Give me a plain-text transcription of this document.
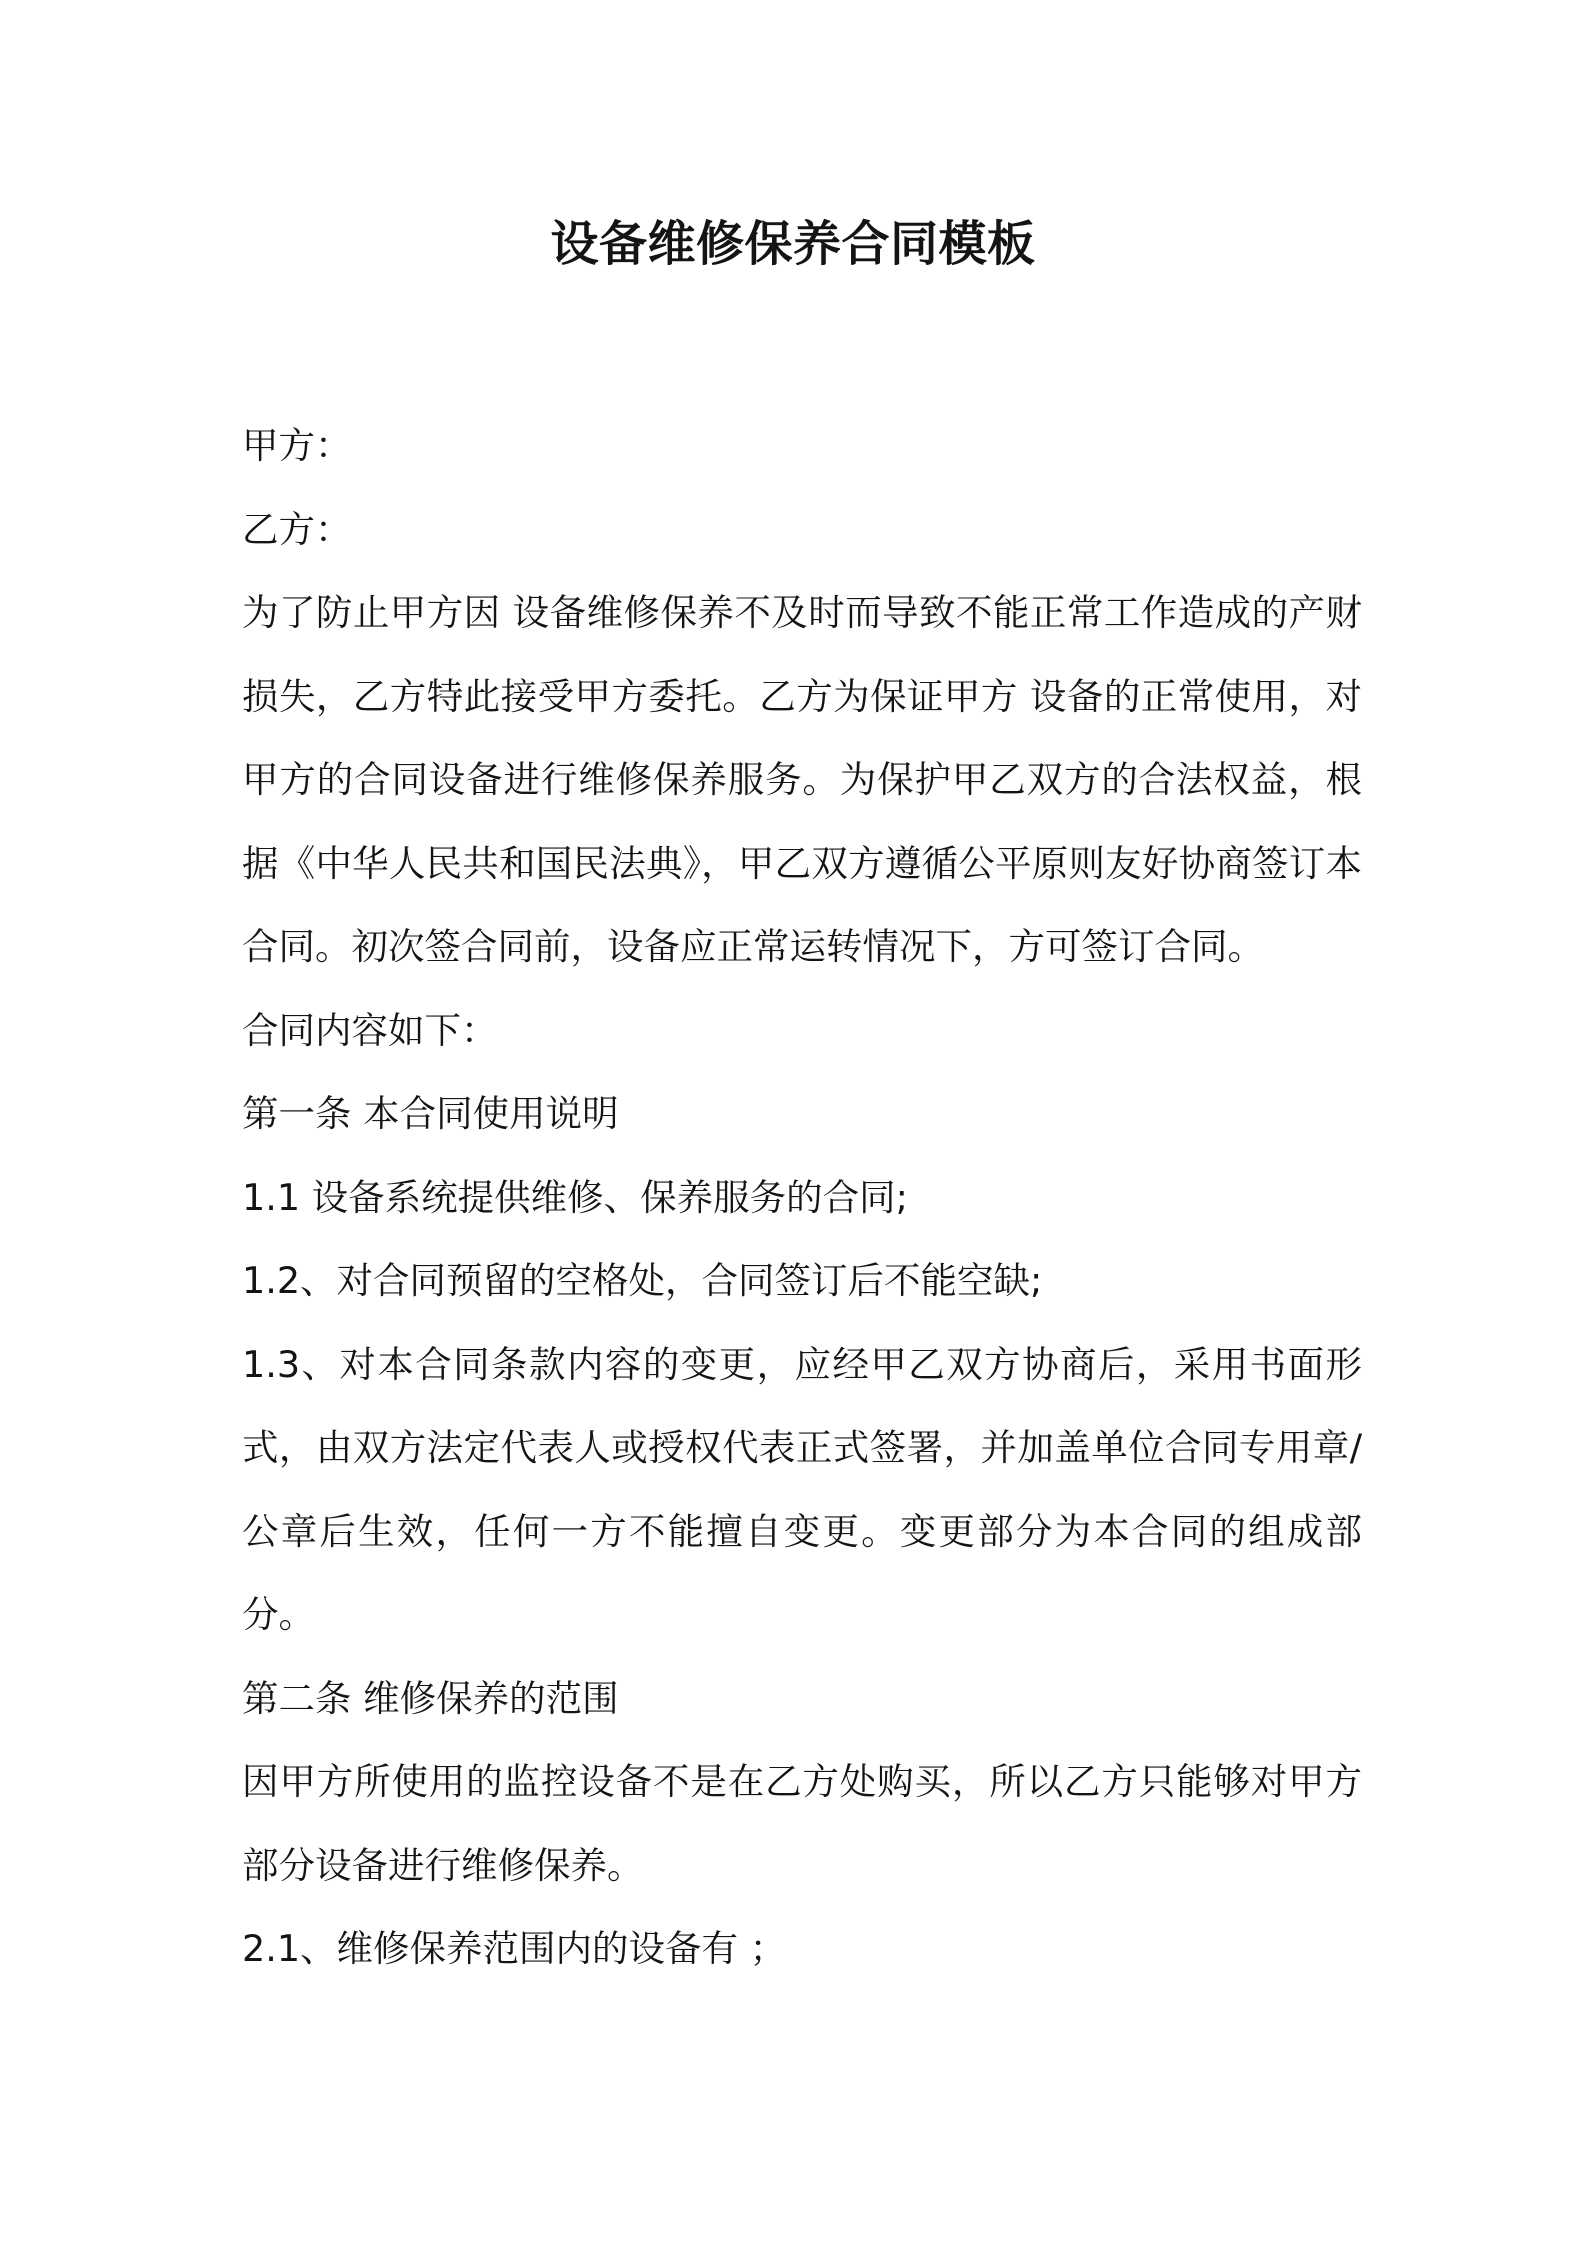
设备维修保养合同模板

甲方：

乙方：

为了防止甲方因 设备维修保养不及时而导致不能正常工作造成的产财损失，乙方特此接受甲方委托。乙方为保证甲方 设备的正常使用，对甲方的合同设备进行维修保养服务。为保护甲乙双方的合法权益，根据《中华人民共和国民法典》，甲乙双方遵循公平原则友好协商签订本合同。初次签合同前，设备应正常运转情况下，方可签订合同。

合同内容如下：

第一条 本合同使用说明

1.1 设备系统提供维修、保养服务的合同;

1.2、对合同预留的空格处，合同签订后不能空缺;

1.3、对本合同条款内容的变更，应经甲乙双方协商后，采用书面形式，由双方法定代表人或授权代表正式签署，并加盖单位合同专用章/公章后生效，任何一方不能擅自变更。变更部分为本合同的组成部分。

第二条 维修保养的范围

因甲方所使用的监控设备不是在乙方处购买，所以乙方只能够对甲方部分设备进行维修保养。

2.1、维修保养范围内的设备有 ；
